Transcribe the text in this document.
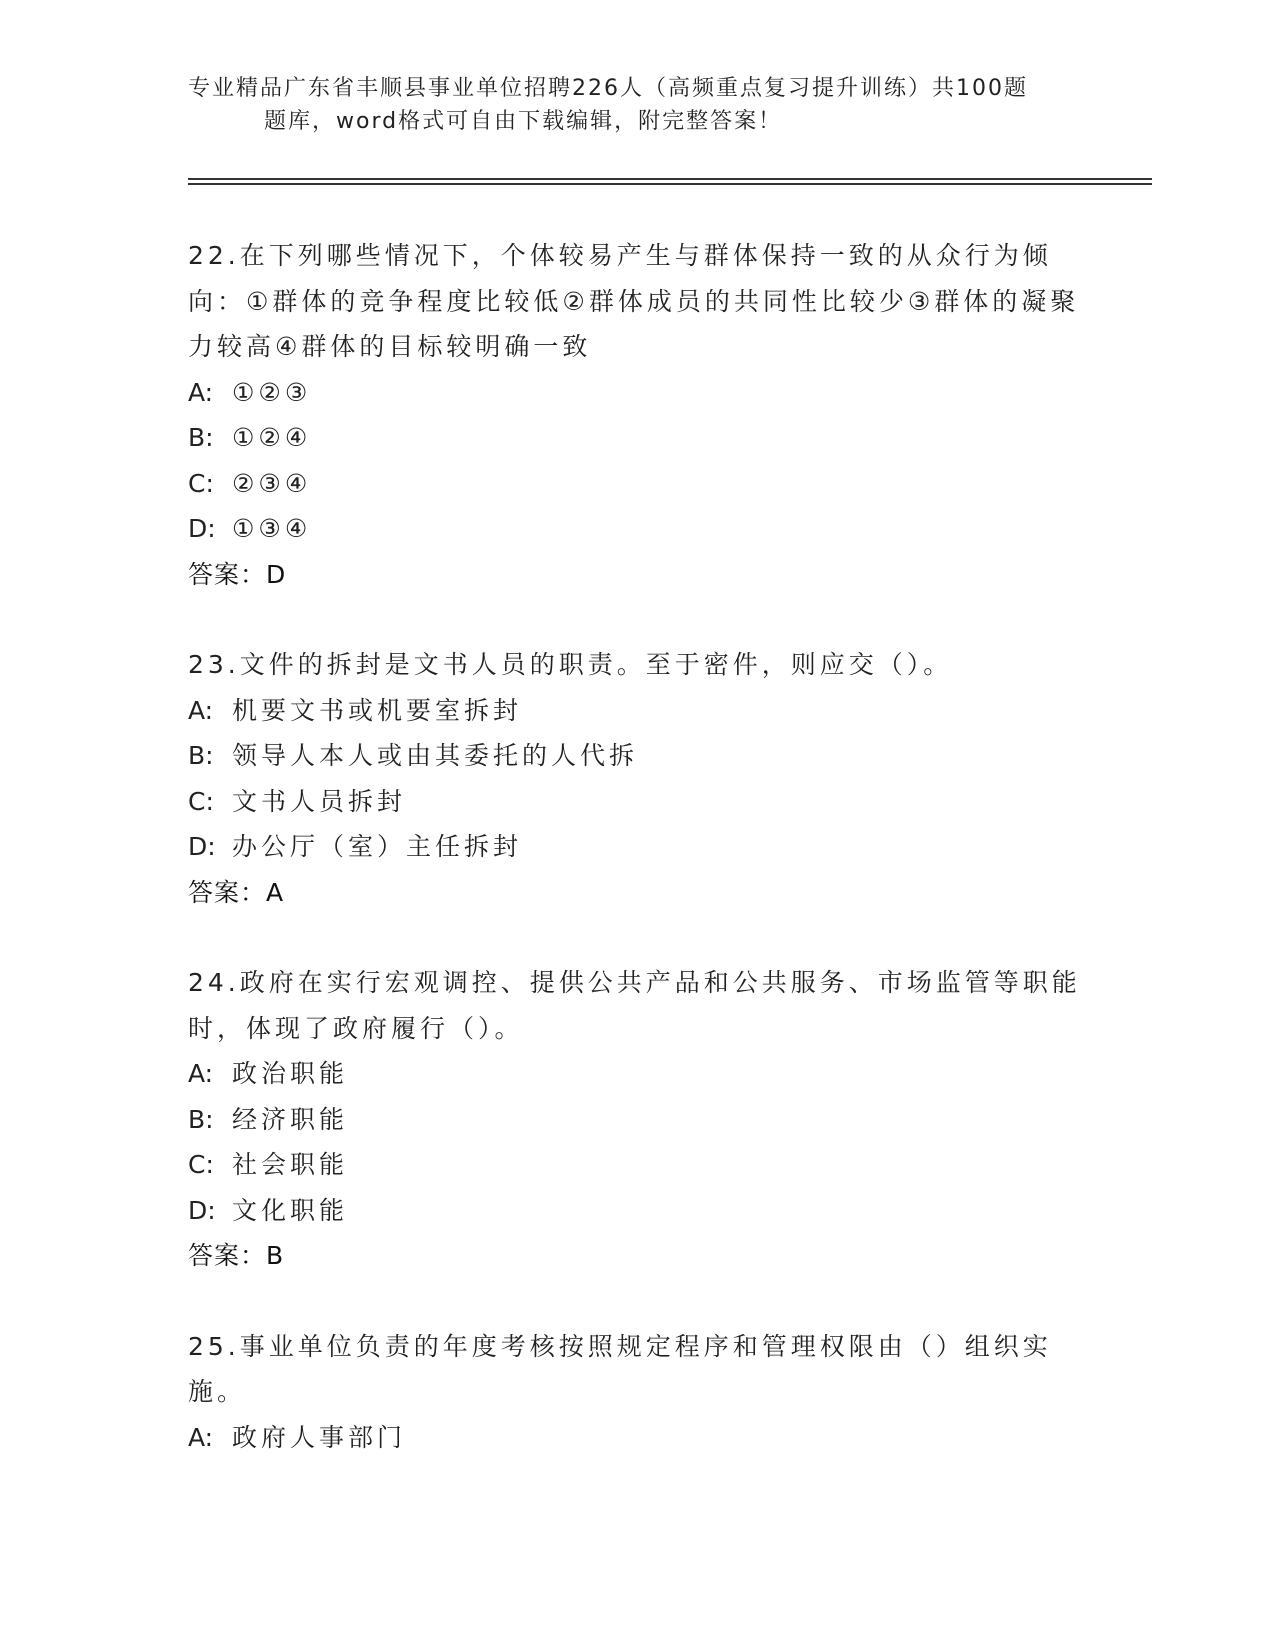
专业精品广东省丰顺县事业单位招聘226人（高频重点复习提升训练）共100题
题库，word格式可自由下载编辑，附完整答案！

22.在下列哪些情况下，个体较易产生与群体保持一致的从众行为倾向：①群体的竞争程度比较低②群体成员的共同性比较少③群体的凝聚力较高④群体的目标较明确一致

A: ①②③

B: ①②④

C: ②③④

D: ①③④

答案：D

23.文件的拆封是文书人员的职责。至于密件，则应交（）。

A: 机要文书或机要室拆封

B: 领导人本人或由其委托的人代拆

C: 文书人员拆封

D: 办公厅（室）主任拆封

答案：A

24.政府在实行宏观调控、提供公共产品和公共服务、市场监管等职能时，体现了政府履行（）。

A: 政治职能

B: 经济职能

C: 社会职能

D: 文化职能

答案：B

25.事业单位负责的年度考核按照规定程序和管理权限由（）组织实施。

A: 政府人事部门
